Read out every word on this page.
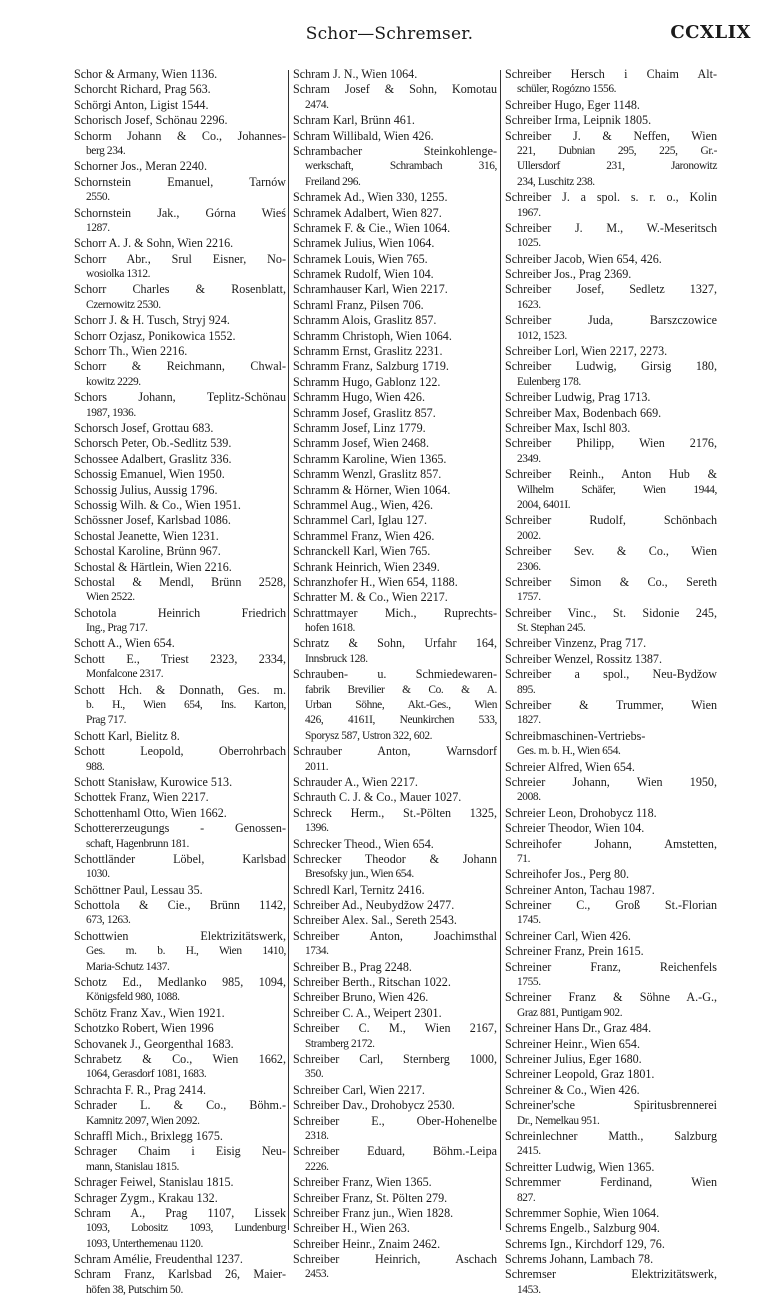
Schor—Schremser.	CCXLIX
Schor & Armany, Wien 1136.
Schorcht Richard, Prag 563.
Schörgi Anton, Ligist 1544.
Schorisch Josef, Schönau 2296.
Schorm Johann & Co., Johannes-
berg 234.
Schorner Jos., Meran 2240.
Schornstein Emanuel, Tarnów
2550.
Schornstein Jak., Górna Wieś
1287.
Schorr A. J. & Sohn, Wien 2216.
Schorr Abr., Srul Eisner, No-
wosiolka 1312.
Schorr Charles & Rosenblatt,
Czernowitz 2530.
Schorr J. & H. Tusch, Stryj 924.
Schorr Ozjasz, Ponikowica 1552.
Schorr Th., Wien 2216.
Schorr & Reichmann, Chwal-
kowitz 2229.
Schors Johann, Teplitz-Schönau
1987, 1936.
Schorsch Josef, Grottau 683.
Schorsch Peter, Ob.-Sedlitz 539.
Schossee Adalbert, Graslitz 336.
Schossig Emanuel, Wien 1950.
Schossig Julius, Aussig 1796.
Schossig Wilh. & Co., Wien 1951.
Schössner Josef, Karlsbad 1086.
Schostal Jeanette, Wien 1231.
Schostal Karoline, Brünn 967.
Schostal & Härtlein, Wien 2216.
Schostal & Mendl, Brünn 2528,
Wien 2522.
Schotola Heinrich Friedrich
Ing., Prag 717.
Schott A., Wien 654.
Schott E., Triest 2323, 2334,
Monfalcone 2317.
Schott Hch. & Donnath, Ges. m.
b. H., Wien 654, Ins. Karton,
Prag 717.
Schott Karl, Bielitz 8.
Schott Leopold, Oberrohrbach
988.
Schott Stanisław, Kurowice 513.
Schottek Franz, Wien 2217.
Schottenhaml Otto, Wien 1662.
Schottererzeugungs - Genossen-
schaft, Hagenbrunn 181.
Schottländer Löbel, Karlsbad
1030.
Schöttner Paul, Lessau 35.
Schottola & Cie., Brünn 1142,
673, 1263.
Schottwien Elektrizitätswerk,
Ges. m. b. H., Wien 1410,
Maria-Schutz 1437.
Schotz Ed., Medlanko 985, 1094,
Königsfeld 980, 1088.
Schötz Franz Xav., Wien 1921.
Schotzko Robert, Wien 1996
Schovanek J., Georgenthal 1683.
Schrabetz & Co., Wien 1662,
1064, Gerasdorf 1081, 1683.
Schrachta F. R., Prag 2414.
Schrader L. & Co., Böhm.-
Kamnitz 2097, Wien 2092.
Schraffl Mich., Brixlegg 1675.
Schrager Chaim i Eisig Neu-
mann, Stanislau 1815.
Schrager Feiwel, Stanislau 1815.
Schrager Zygm., Krakau 132.
Schram A., Prag 1107, Lissek
1093, Lobositz 1093, Lundenburg
1093, Unterthemenau 1120.
Schram Amélie, Freudenthal 1237.
Schram Franz, Karlsbad 26, Maier-
höfen 38, Putschirn 50.
Schram J. N., Wien 1064.
Schram Josef & Sohn, Komotau
2474.
Schram Karl, Brünn 461.
Schram Willibald, Wien 426.
Schrambacher Steinkohlenge-
werkschaft, Schrambach 316,
Freiland 296.
Schramek Ad., Wien 330, 1255.
Schramek Adalbert, Wien 827.
Schramek F. & Cie., Wien 1064.
Schramek Julius, Wien 1064.
Schramek Louis, Wien 765.
Schramek Rudolf, Wien 104.
Schramhauser Karl, Wien 2217.
Schraml Franz, Pilsen 706.
Schramm Alois, Graslitz 857.
Schramm Christoph, Wien 1064.
Schramm Ernst, Graslitz 2231.
Schramm Franz, Salzburg 1719.
Schramm Hugo, Gablonz 122.
Schramm Hugo, Wien 426.
Schramm Josef, Graslitz 857.
Schramm Josef, Linz 1779.
Schramm Josef, Wien 2468.
Schramm Karoline, Wien 1365.
Schramm Wenzl, Graslitz 857.
Schramm & Hörner, Wien 1064.
Schrammel Aug., Wien, 426.
Schrammel Carl, Iglau 127.
Schrammel Franz, Wien 426.
Schranckell Karl, Wien 765.
Schrank Heinrich, Wien 2349.
Schranzhofer H., Wien 654, 1188.
Schratter M. & Co., Wien 2217.
Schrattmayer Mich., Ruprechts-
hofen 1618.
Schratz & Sohn, Urfahr 164,
Innsbruck 128.
Schrauben- u. Schmiedewaren-
fabrik Brevilier & Co. & A.
Urban Söhne, Akt.-Ges., Wien
426, 4161I, Neunkirchen 533,
Sporysz 587, Ustron 322, 602.
Schrauber Anton, Warnsdorf
2011.
Schrauder A., Wien 2217.
Schrauth C. J. & Co., Mauer 1027.
Schreck Herm., St.-Pölten 1325,
1396.
Schrecker Theod., Wien 654.
Schrecker Theodor & Johann
Bresofsky jun., Wien 654.
Schredl Karl, Ternitz 2416.
Schreiber Ad., Neubydžow 2477.
Schreiber Alex. Sal., Sereth 2543.
Schreiber Anton, Joachimsthal
1734.
Schreiber B., Prag 2248.
Schreiber Berth., Ritschan 1022.
Schreiber Bruno, Wien 426.
Schreiber C. A., Weipert 2301.
Schreiber C. M., Wien 2167,
Stramberg 2172.
Schreiber Carl, Sternberg 1000,
350.
Schreiber Carl, Wien 2217.
Schreiber Dav., Drohobycz 2530.
Schreiber E., Ober-Hohenelbe
2318.
Schreiber Eduard, Böhm.-Leipa
2226.
Schreiber Franz, Wien 1365.
Schreiber Franz, St. Pölten 279.
Schreiber Franz jun., Wien 1828.
Schreiber H., Wien 263.
Schreiber Heinr., Znaim 2462.
Schreiber Heinrich, Aschach
2453.
Schreiber Hersch i Chaim Alt-
schüler, Rogózno 1556.
Schreiber Hugo, Eger 1148.
Schreiber Irma, Leipnik 1805.
Schreiber J. & Neffen, Wien
221, Dubnian 295, 225, Gr.-
Ullersdorf 231, Jaronowitz
234, Luschitz 238.
Schreiber J. a spol. s. r. o., Kolin
1967.
Schreiber J. M., W.-Meseritsch
1025.
Schreiber Jacob, Wien 654, 426.
Schreiber Jos., Prag 2369.
Schreiber Josef, Sedletz 1327,
1623.
Schreiber Juda, Barszczowice
1012, 1523.
Schreiber Lorl, Wien 2217, 2273.
Schreiber Ludwig, Girsig 180,
Eulenberg 178.
Schreiber Ludwig, Prag 1713.
Schreiber Max, Bodenbach 669.
Schreiber Max, Ischl 803.
Schreiber Philipp, Wien 2176,
2349.
Schreiber Reinh., Anton Hub &
Wilhelm Schäfer, Wien 1944,
2004, 6401I.
Schreiber Rudolf, Schönbach
2002.
Schreiber Sev. & Co., Wien
2306.
Schreiber Simon & Co., Sereth
1757.
Schreiber Vinc., St. Sidonie 245,
St. Stephan 245.
Schreiber Vinzenz, Prag 717.
Schreiber Wenzel, Rossitz 1387.
Schreiber a spol., Neu-Bydžow
895.
Schreiber & Trummer, Wien
1827.
Schreibmaschinen-Vertriebs-
Ges. m. b. H., Wien 654.
Schreier Alfred, Wien 654.
Schreier Johann, Wien 1950,
2008.
Schreier Leon, Drohobycz 118.
Schreier Theodor, Wien 104.
Schreihofer Johann, Amstetten,
71.
Schreihofer Jos., Perg 80.
Schreiner Anton, Tachau 1987.
Schreiner C., Groß St.-Florian
1745.
Schreiner Carl, Wien 426.
Schreiner Franz, Prein 1615.
Schreiner Franz, Reichenfels
1755.
Schreiner Franz & Söhne A.-G.,
Graz 881, Puntigam 902.
Schreiner Hans Dr., Graz 484.
Schreiner Heinr., Wien 654.
Schreiner Julius, Eger 1680.
Schreiner Leopold, Graz 1801.
Schreiner & Co., Wien 426.
Schreiner'sche Spiritusbrennerei
Dr., Nemelkau 951.
Schreinlechner Matth., Salzburg
2415.
Schreitter Ludwig, Wien 1365.
Schremmer Ferdinand, Wien
827.
Schremmer Sophie, Wien 1064.
Schrems Engelb., Salzburg 904.
Schrems Ign., Kirchdorf 129, 76.
Schrems Johann, Lambach 78.
Schremser Elektrizitätswerk,
1453.
